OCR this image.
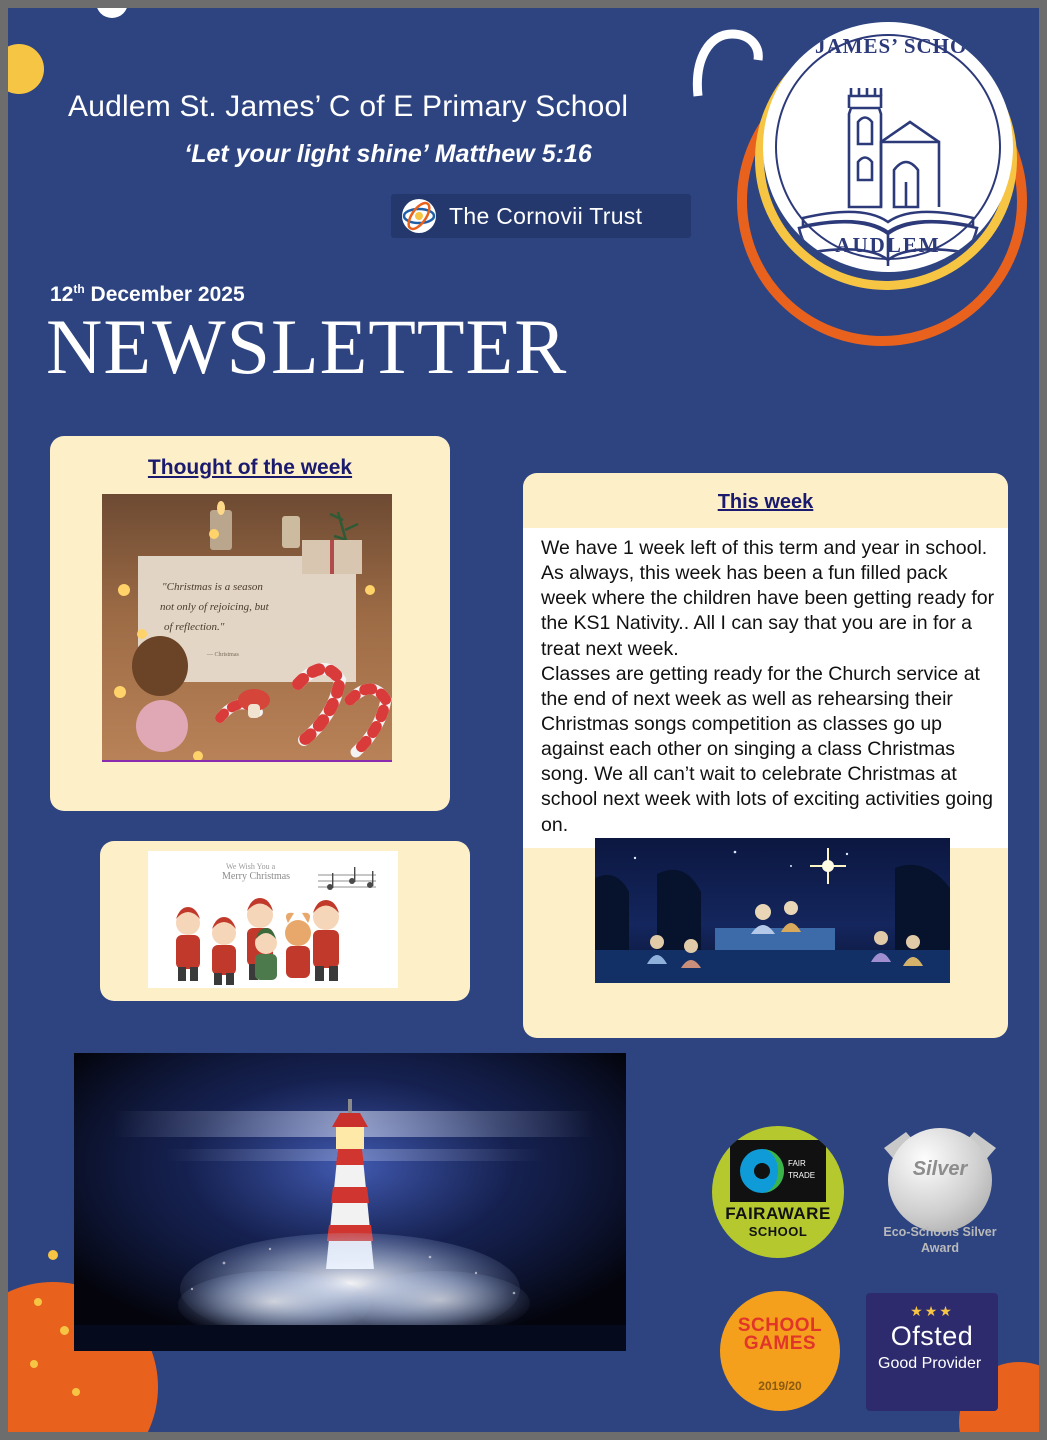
Audlem St. James’ C of E Primary School
‘Let your light shine’ Matthew 5:16
The Cornovii Trust
12th December 2025
NEWSLETTER
ST. JAMES’ SCHOOL
AUDLEM
Thought of the week
"Christmas is a season
not only of rejoicing, but
of reflection."
— Christmas
This week

We have 1 week left of this term and year in school. As always, this week has been a fun filled pack week where the children have been getting ready for the KS1 Nativity.. All I can say that you are in for a treat next week.

Classes are getting ready for the Church service at the end of next week as well as rehearsing their Christmas songs competition as classes go up against each other on singing a class Christmas song. We all can’t wait to celebrate Christmas at school next week with lots of exciting activities going on.

We Wish You a
Merry Christmas
FAIR
TRADE
FAIRAWARE
SCHOOL
Silver
Eco-Schools Silver Award
SCHOOL GAMES
2019/20
★★★
Ofsted
Good Provider
